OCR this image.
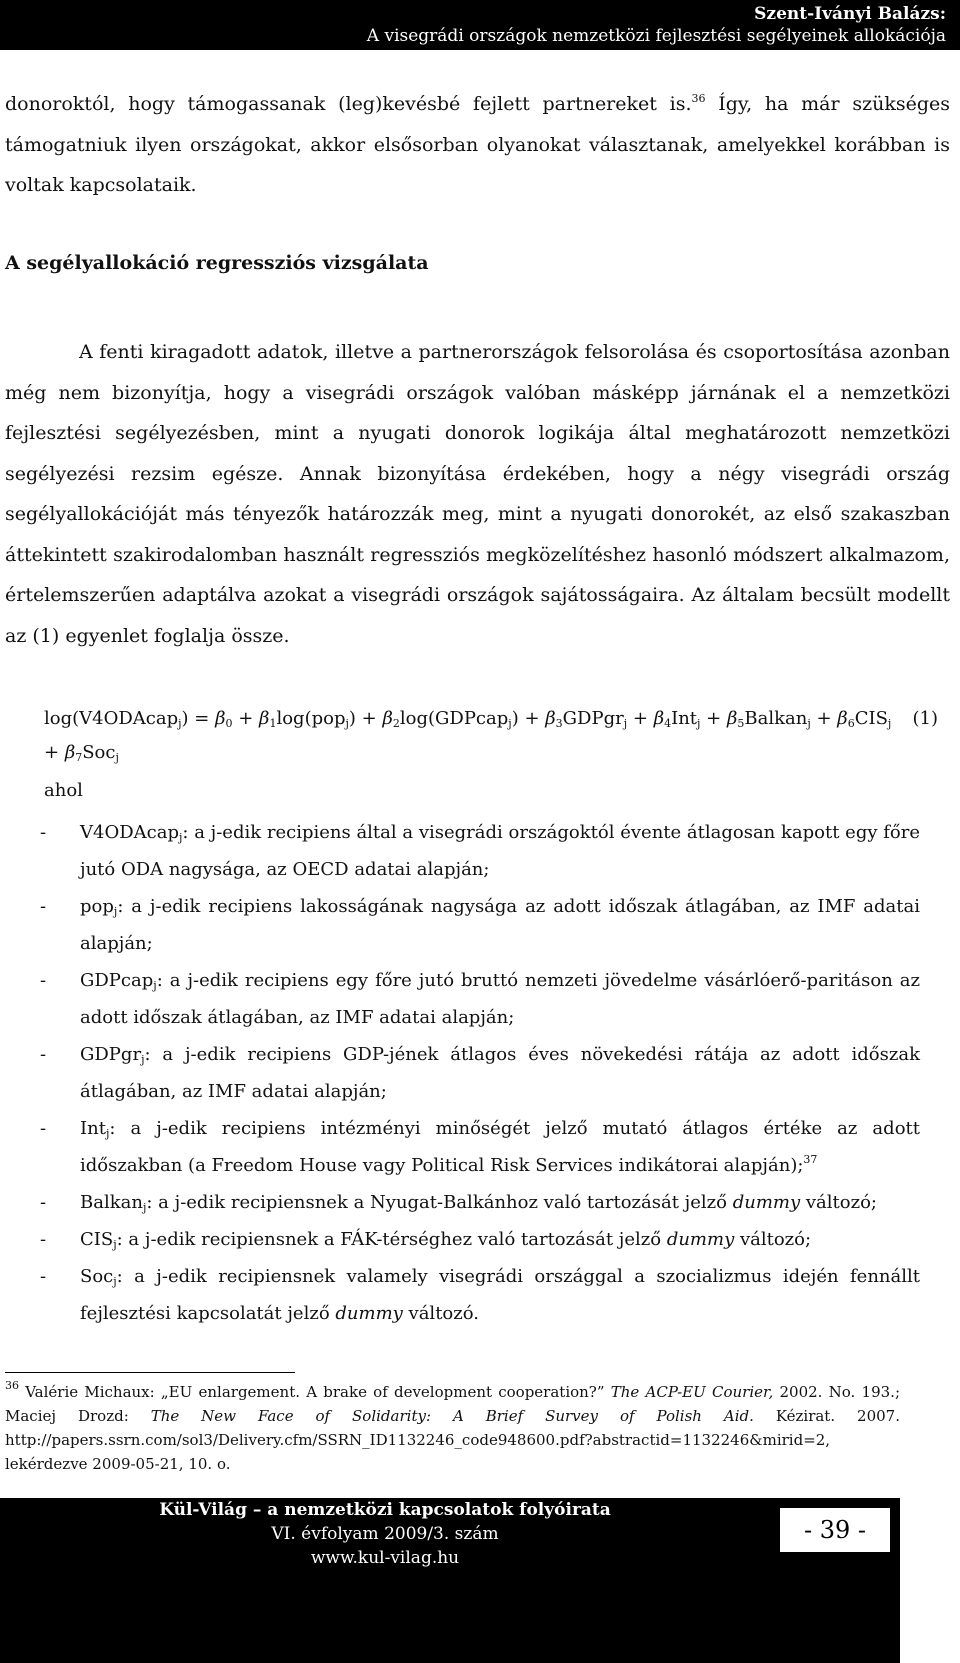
Szent-Iványi Balázs:
A visegrádi országok nemzetközi fejlesztési segélyeinek allokációja

donoroktól, hogy támogassanak (leg)kevésbé fejlett partnereket is.$^{36}$ Így, ha már szükséges támogatniuk ilyen országokat, akkor elsősorban olyanokat választanak, amelyekkel korábban is voltak kapcsolataik.

A segélyallokáció regressziós vizsgálata

A fenti kiragadott adatok, illetve a partnerországok felsorolása és csoportosítása azonban még nem bizonyítja, hogy a visegrádi országok valóban másképp járnának el a nemzetközi fejlesztési segélyezésben, mint a nyugati donorok logikája által meghatározott nemzetközi segélyezési rezsim egésze. Annak bizonyítása érdekében, hogy a négy visegrádi ország segélyallokációját más tényezők határozzák meg, mint a nyugati donorokét, az első szakaszban áttekintett szakirodalomban használt regressziós megközelítéshez hasonló módszert alkalmazom, értelemszerűen adaptálva azokat a visegrádi országok sajátosságaira. Az általam becsült modellt az (1) egyenlet foglalja össze.

log(V4ODAcap$_j$) = $\beta_0 + \beta_1\log(pop_j)$ + $\beta_2\log(GDPcap_j)$ + $\beta_3GDPgr_j + \beta_4Int_j$ + $\beta_5Balkan_j + \beta_6CIS_j$ (1)
+ $\beta_7Soc_j$
ahol
- V4ODAcap$_j$: a j-edik recipiens által a visegrádi országoktól évente átlagosan kapott egy főre jutó ODA nagysága, az OECD adatai alapján;
- pop$_j$: a j-edik recipiens lakosságának nagysága az adott időszak átlagában, az IMF adatai alapján;
- GDPcap$_j$: a j-edik recipiens egy főre jutó bruttó nemzeti jövedelme vásárlóerő-paritáson az adott időszak átlagában, az IMF adatai alapján;
- GDPgr$_j$: a j-edik recipiens GDP-jének átlagos éves növekedési rátája az adott időszak átlagában, az IMF adatai alapján;
- Int$_j$: a j-edik recipiens intézményi minőségét jelző mutató átlagos értéke az adott időszakban (a Freedom House vagy Political Risk Services indikátorai alapján);$^{37}$
- Balkan$_j$: a j-edik recipiensnek a Nyugat-Balkánhoz való tartozását jelző dummy változó;
- $CIS_j$: a j-edik recipiensnek a FÁK-térséghez való tartozását jelző dummy változó;
- Soc$_j$: a j-edik recipiensnek valamely visegrádi országgal a szocializmus idején fennállt fejlesztési kapcsolatát jelző dummy változó.

$^{36}$ Valérie Michaux: „EU enlargement. A brake of development cooperation?” The ACP-EU Courier, 2002. No. 193.; Maciej Drozd: The New Face of Solidarity: A Brief Survey of Polish Aid. Kézirat. 2007. http://papers.ssrn.com/sol3/Delivery.cfm/SSRN_ID1132246_code948600.pdf?abstractid=1132246&mirid=2, lekérdezve 2009-05-21, 10. o.

Kül-Világ – a nemzetközi kapcsolatok folyóirata
VI. évfolyam 2009/3. szám
www.kul-vilag.hu
- 39 -
